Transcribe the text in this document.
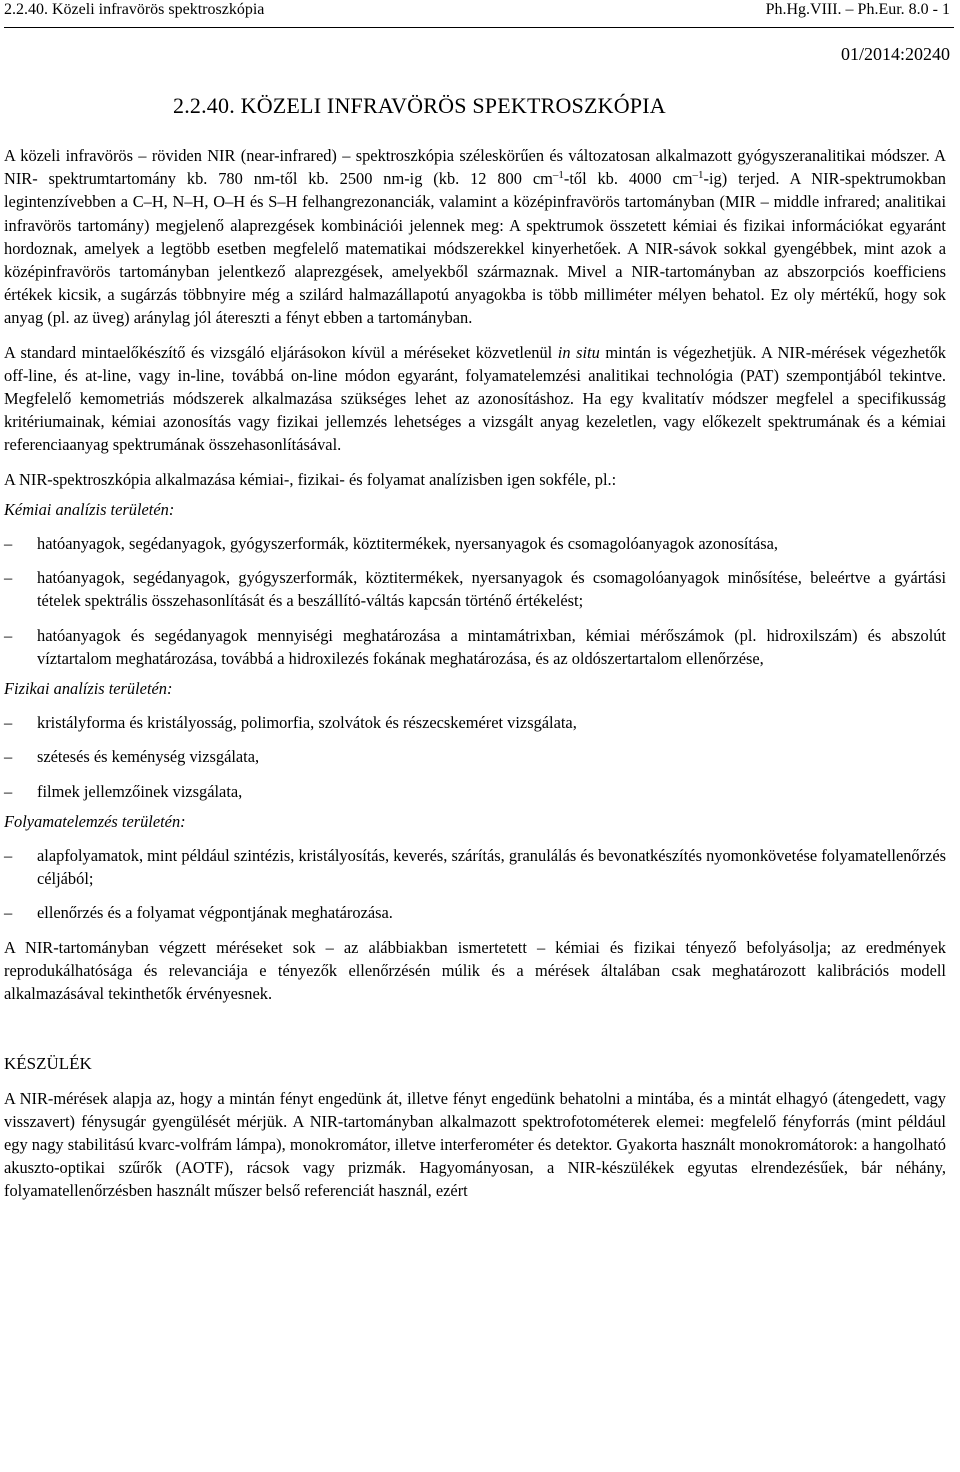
2.2.40. Közeli infravörös spektroszkópia	Ph.Hg.VIII. – Ph.Eur. 8.0 - 1
01/2014:20240
2.2.40. KÖZELI INFRAVÖRÖS SPEKTROSZKÓPIA

A közeli infravörös – röviden NIR (near-infrared) – spektroszkópia széleskörűen és változatosan alkalmazott gyógyszeranalitikai módszer. A NIR- spektrumtartomány kb. 780 nm-től kb. 2500 nm-ig (kb. 12 800 $cm^{-1}$-től kb. 4000 $cm^{-1}-ig$) terjed. A NIR-spektrumokban legintenzívebben a C–H, N–H, O–H és S–H felhangrezonanciák, valamint a középinfravörös tartományban (MIR – middle infrared; analitikai infravörös tartomány) megjelenő alaprezgések kombinációi jelennek meg: A spektrumok összetett kémiai és fizikai információkat egyaránt hordoznak, amelyek a legtöbb esetben megfelelő matematikai módszerekkel kinyerhetőek. A NIR-sávok sokkal gyengébbek, mint azok a középinfravörös tartományban jelentkező alaprezgések, amelyekből származnak. Mivel a NIR-tartományban az abszorpciós koefficiens értékek kicsik, a sugárzás többnyire még a szilárd halmazállapotú anyagokba is több milliméter mélyen behatol. Ez oly mértékű, hogy sok anyag (pl. az üveg) aránylag jól átereszti a fényt ebben a tartományban.

A standard mintaelőkészítő és vizsgáló eljárásokon kívül a méréseket közvetlenül in situ mintán is végezhetjük. A NIR-mérések végezhetők off-line, és at-line, vagy in-line, továbbá on-line módon egyaránt, folyamatelemzési analitikai technológia (PAT) szempontjából tekintve. Megfelelő kemometriás módszerek alkalmazása szükséges lehet az azonosításhoz. Ha egy kvalitatív módszer megfelel a specifikusság kritériumainak, kémiai azonosítás vagy fizikai jellemzés lehetséges a vizsgált anyag kezeletlen, vagy előkezelt spektrumának és a kémiai referenciaanyag spektrumának összehasonlításával.

A NIR-spektroszkópia alkalmazása kémiai-, fizikai- és folyamat analízisben igen sokféle, pl.:

Kémiai analízis területén:

– hatóanyagok, segédanyagok, gyógyszerformák, köztitermékek, nyersanyagok és csomagolóanyagok azonosítása,
– hatóanyagok, segédanyagok, gyógyszerformák, köztitermékek, nyersanyagok és csomagolóanyagok minősítése, beleértve a gyártási tételek spektrális összehasonlítását és a beszállító-váltás kapcsán történő értékelést;
– hatóanyagok és segédanyagok mennyiségi meghatározása a mintamátrixban, kémiai mérőszámok (pl. hidroxilszám) és abszolút víztartalom meghatározása, továbbá a hidroxilezés fokának meghatározása, és az oldószertartalom ellenőrzése,

Fizikai analízis területén:

– kristályforma és kristályosság, polimorfia, szolvátok és részecskeméret vizsgálata,
– szétesés és keménység vizsgálata,
– filmek jellemzőinek vizsgálata,

Folyamatelemzés területén:

– alapfolyamatok, mint például szintézis, kristályosítás, keverés, szárítás, granulálás és bevonatkészítés nyomonkövetése folyamatellenőrzés céljából;
– ellenőrzés és a folyamat végpontjának meghatározása.

A NIR-tartományban végzett méréseket sok – az alábbiakban ismertetett – kémiai és fizikai tényező befolyásolja; az eredmények reprodukálhatósága és relevanciája e tényezők ellenőrzésén múlik és a mérések általában csak meghatározott kalibrációs modell alkalmazásával tekinthetők érvényesnek.

KÉSZÜLÉK

A NIR-mérések alapja az, hogy a mintán fényt engedünk át, illetve fényt engedünk behatolni a mintába, és a mintát elhagyó (átengedett, vagy visszavert) fénysugár gyengülését mérjük. A NIR-tartományban alkalmazott spektrofotométerek elemei: megfelelő fényforrás (mint például egy nagy stabilitású kvarc-volfrám lámpa), monokromátor, illetve interferométer és detektor. Gyakorta használt monokromátorok: a hangolható akuszto-optikai szűrők (AOTF), rácsok vagy prizmák. Hagyományosan, a NIR-készülékek egyutas elrendezésűek, bár néhány, folyamatellenőrzésben használt műszer belső referenciát használ, ezért
